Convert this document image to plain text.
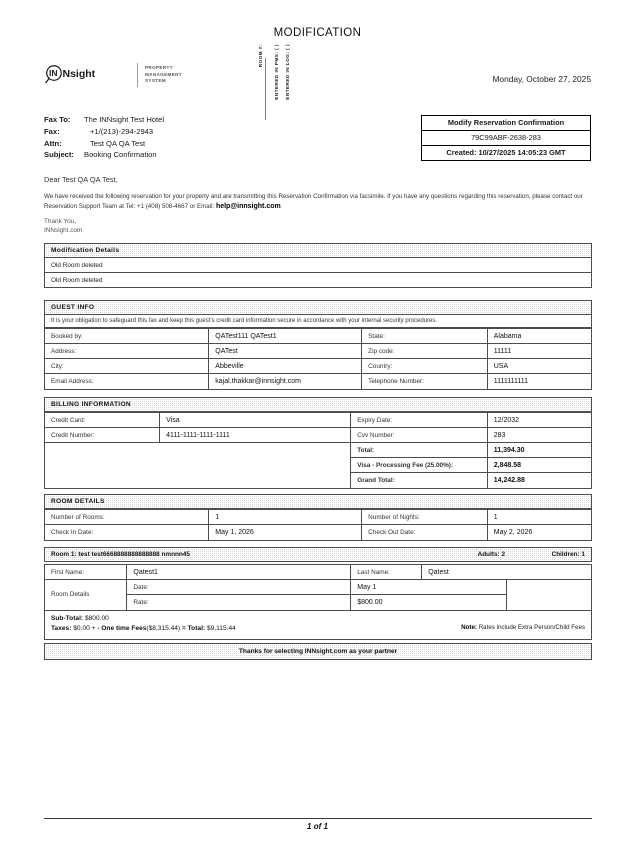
MODIFICATION
IN Nsight
PROPERTY
MANAGEMENT
SYSTEM
ROOM #: ENTERED IN PMS: ( ) ENTERED IN LOG: ( )	Monday, October 27, 2025
Fax To:	The INNsight Test Hotel
Fax:	+1/(213)-294-2943
Attn:	Test QA QA Test
Subject:	Booking Confirmation
Modify Reservation Confirmation
79C99ABF-2638-283
Created: 10/27/2025 14:05:23 GMT
Dear Test QA QA Test,
We have received the following reservation for your property and are transmitting this Reservation Confirmation via facsimile. If you have any questions regarding this reservation, please contact our Reservation Support Team at Tel: +1 (408) 508-4667 or Email: help@innsight.com
Thank You,
INNsight.com
Modification Details
Old Room deleted
Old Room deleted
GUEST INFO
It is your obligation to safeguard this fax and keep this guest's credit card information secure in accordance with your internal security procedures.
Booked by:	QATest111 QATest1	State:	Alabama
Address:	QATest	Zip code:	11111
City:	Abbeville	Country:	USA
Email Address:	kajal.thakkar@innsight.com	Telephone Number:	1111111111
BILLING INFORMATION
Credit Card:	Visa	Expiry Date:	12/2032
Credit Number:	4111-1111-1111-1111	Cvv Number:	283
		Total:	11,394.30
		Visa - Processing Fee (25.00%):	2,848.58
		Grand Total:	14,242.88
ROOM DETAILS
Number of Rooms:	1	Number of Nights:	1
Check In Date:	May 1, 2026	Check Out Date:	May 2, 2026
Room 1: test test6668888888888888 nmnnn45	Adults: 2	Children: 1
First Name:	Qatest1	Last Name:	Qatest	
Room Details	Date:	May 1		
	Rate:	$800.00		
Sub-Total: $800.00
Taxes: $0.00 + - One time Fees($8,315.44) = Total: $9,115.44	Note: Rates include Extra Person/Child Fees
Thanks for selecting INNsight.com as your partner
1 of 1
